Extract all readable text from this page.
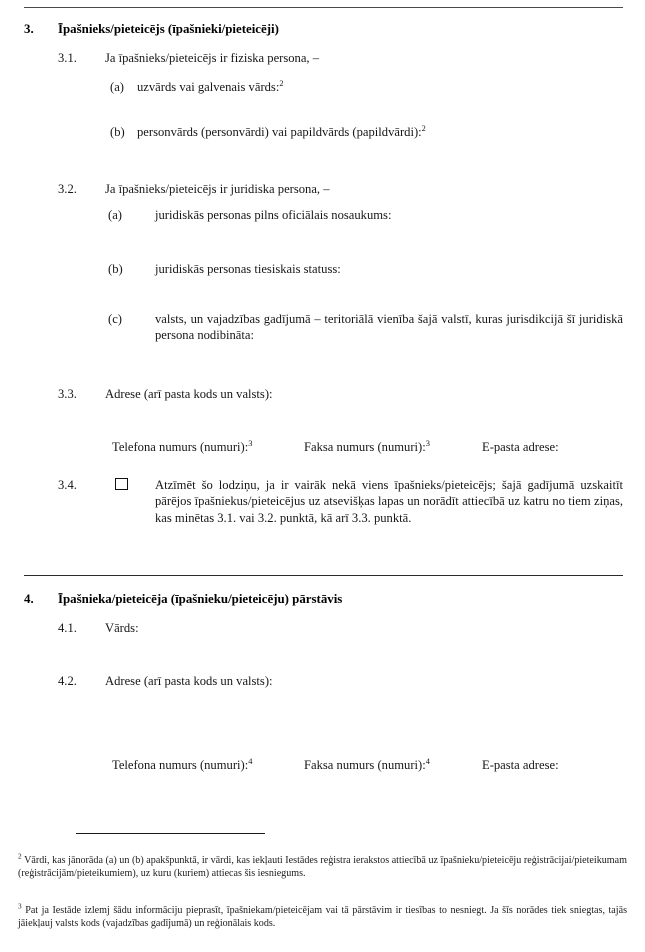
3. Īpašnieks/pieteicējs (īpašnieki/pieteicēji)
3.1. Ja īpašnieks/pieteicējs ir fiziska persona, –
(a) uzvārds vai galvenais vārds:$^2$
(b) personvārds (personvārdi) vai papildvārds (papildvārdi):$^2$
3.2. Ja īpašnieks/pieteicējs ir juridiska persona, –
(a)	juridiskās personas pilns oficiālais nosaukums:
(b)	juridiskās personas tiesiskais statuss:
(c)	valsts, un vajadzības gadījumā – teritoriālā vienība šajā valstī, kuras jurisdikcijā šī juridiskā persona nodibināta:
3.3. Adrese (arī pasta kods un valsts):
Telefona numurs (numuri):$^3$	Faksa numurs (numuri):$^3$	E-pasta adrese:
3.4.	Atzīmēt šo lodziņu, ja ir vairāk nekā viens īpašnieks/pieteicējs; šajā gadījumā uzskaitīt pārējos īpašniekus/pieteicējus uz atsevišķas lapas un norādīt attiecībā uz katru no tiem ziņas, kas minētas 3.1. vai 3.2. punktā, kā arī 3.3. punktā.
4. Īpašnieka/pieteicēja (īpašnieku/pieteicēju) pārstāvis
4.1. Vārds:
4.2. Adrese (arī pasta kods un valsts):
Telefona numurs (numuri):$^4$	Faksa numurs (numuri):$^4$	E-pasta adrese:
$^2$ Vārdi, kas jānorāda (a) un (b) apakšpunktā, ir vārdi, kas iekļauti Iestādes reģistra ierakstos attiecībā uz īpašnieku/pieteicēju reģistrācijai/pieteikumam (reģistrācijām/pieteikumiem), uz kuru (kuriem) attiecas šis iesniegums.
$^3$ Pat ja Iestāde izlemj šādu informāciju pieprasīt, īpašniekam/pieteicējam vai tā pārstāvim ir tiesības to nesniegt. Ja šīs norādes tiek sniegtas, tajās jāiekļauj valsts kods (vajadzības gadījumā) un reģionālais kods.
